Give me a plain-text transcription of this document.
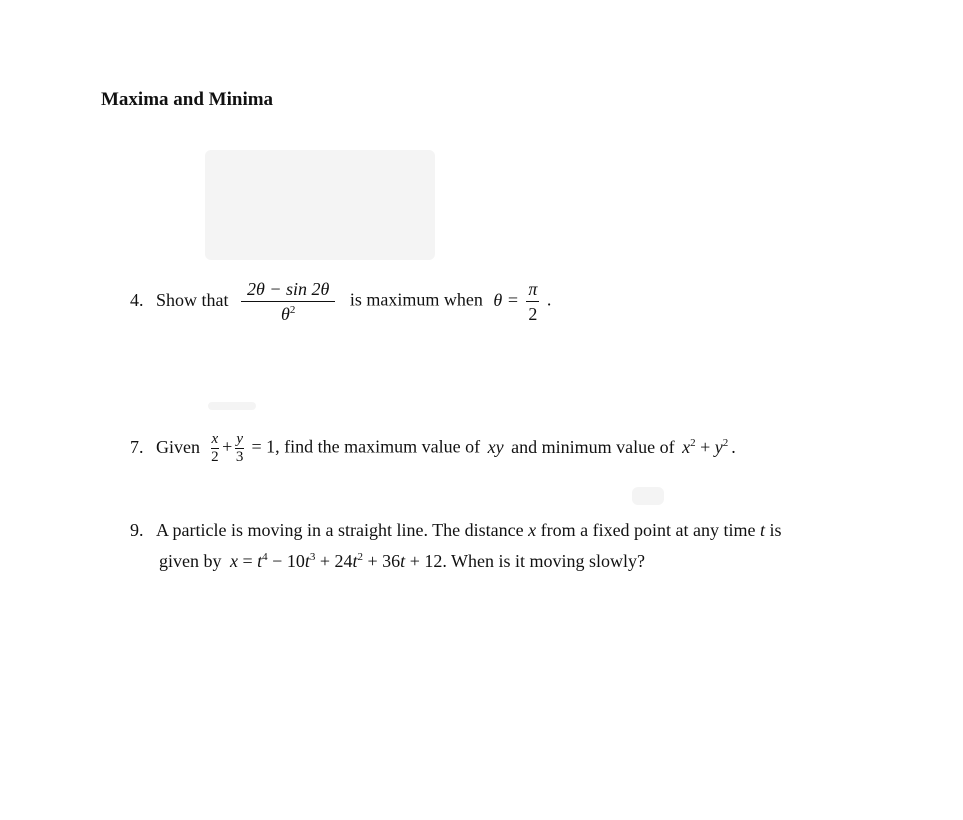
Maxima and Minima
4. Show that $\frac{2\theta - \sin 2\theta}{\theta^2}$ is maximum when $\theta = \frac{\pi}{2}$ .
7. Given $\frac{x}{2} + \frac{y}{3} = 1$, find the maximum value of xy and minimum value of $x^2 + y^2$ .
9. A particle is moving in a straight line. The distance x from a fixed point at any time t is
given by $x = t^4 - 10t^3 + 24t^2 + 36t + 12$. When is it moving slowly?
